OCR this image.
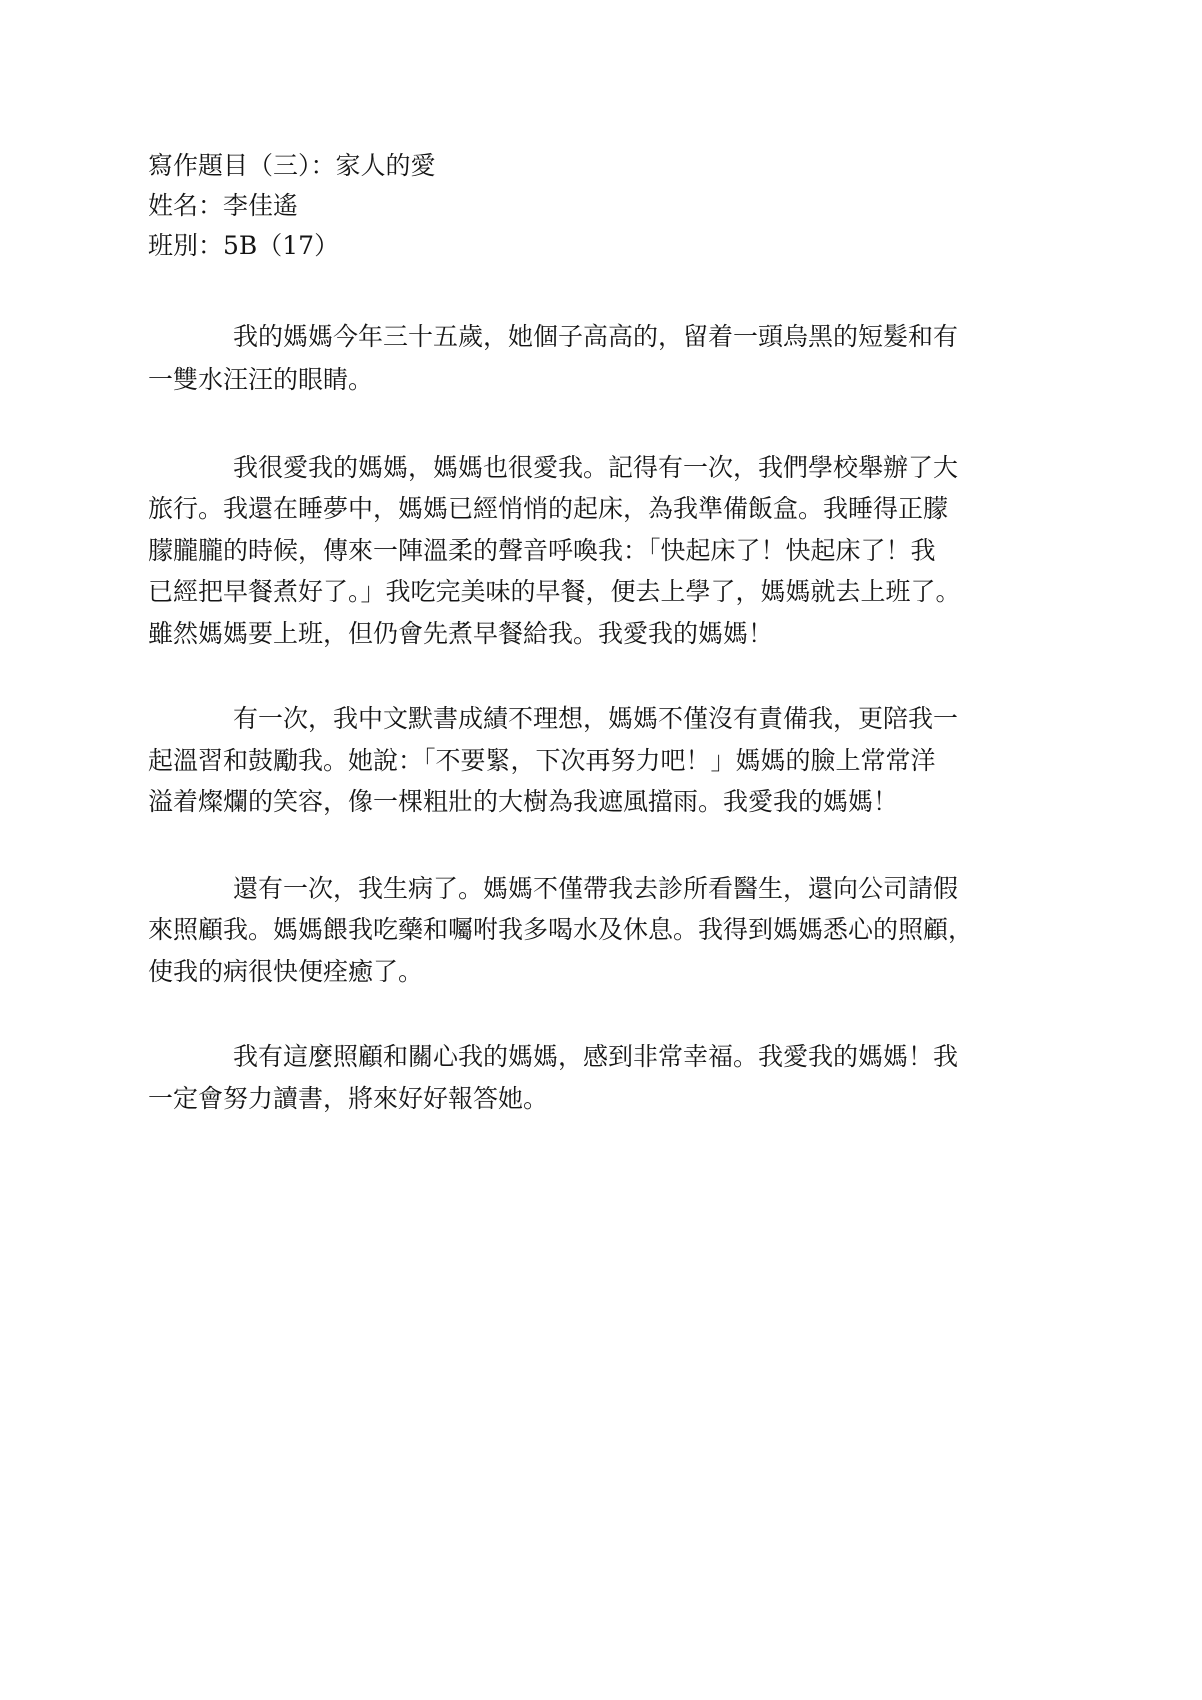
寫作題目（三）：家人的愛
姓名：李佳遙
班別：5B（17）
我的媽媽今年三十五歲，她個子高高的，留着一頭烏黑的短髮和有
一雙水汪汪的眼睛。
我很愛我的媽媽，媽媽也很愛我。記得有一次，我們學校舉辦了大
旅行。我還在睡夢中，媽媽已經悄悄的起床，為我準備飯盒。我睡得正朦
朦朧朧的時候，傳來一陣溫柔的聲音呼喚我：「快起床了！快起床了！我
已經把早餐煮好了。」我吃完美味的早餐，便去上學了，媽媽就去上班了。
雖然媽媽要上班，但仍會先煮早餐給我。我愛我的媽媽！
有一次，我中文默書成績不理想，媽媽不僅沒有責備我，更陪我一
起溫習和鼓勵我。她說：「不要緊，下次再努力吧！」媽媽的臉上常常洋
溢着燦爛的笑容，像一棵粗壯的大樹為我遮風擋雨。我愛我的媽媽！
還有一次，我生病了。媽媽不僅帶我去診所看醫生，還向公司請假
來照顧我。媽媽餵我吃藥和囑咐我多喝水及休息。我得到媽媽悉心的照顧，
使我的病很快便痊癒了。
我有這麼照顧和關心我的媽媽，感到非常幸福。我愛我的媽媽！我
一定會努力讀書，將來好好報答她。
